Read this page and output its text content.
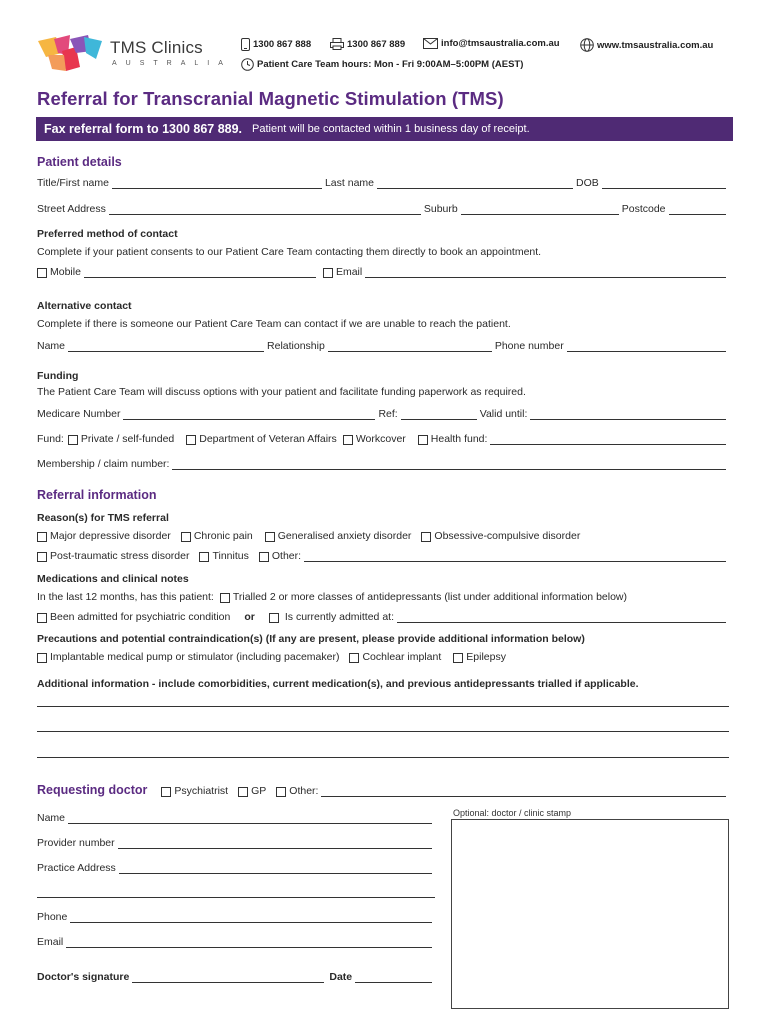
TMS Clinics
AUSTRALIA
1300 867 888	1300 867 889	info@tmsaustralia.com.au	www.tmsaustralia.com.au
Patient Care Team hours: Mon - Fri 9:00AM–5:00PM (AEST)
Referral for Transcranial Magnetic Stimulation (TMS)
Fax referral form to 1300 867 889. Patient will be contacted within 1 business day of receipt.
Patient details
Title/First name	Last name	DOB
Street Address	Suburb	Postcode
Preferred method of contact
Complete if your patient consents to our Patient Care Team contacting them directly to book an appointment.
Mobile	Email
Alternative contact
Complete if there is someone our Patient Care Team can contact if we are unable to reach the patient.
Name	Relationship	Phone number
Funding
The Patient Care Team will discuss options with your patient and facilitate funding paperwork as required.
Medicare Number	Ref:	Valid until:
Fund: Private / self-funded Department of Veteran Affairs Workcover Health fund:
Membership / claim number:
Referral information
Reason(s) for TMS referral
Major depressive disorder Chronic pain Generalised anxiety disorder Obsessive-compulsive disorder
Post-traumatic stress disorder Tinnitus Other:
Medications and clinical notes
In the last 12 months, has this patient: Trialled 2 or more classes of antidepressants (list under additional information below)
Been admitted for psychiatric condition or	Is currently admitted at:
Precautions and potential contraindication(s) (If any are present, please provide additional information below)
Implantable medical pump or stimulator (including pacemaker) Cochlear implant Epilepsy
Additional information - include comorbidities, current medication(s), and previous antidepressants trialled if applicable.
Requesting doctor	Psychiatrist GP Other:
Name
Provider number
Practice Address
Phone
Email
Doctor's signature	Date
Optional: doctor / clinic stamp
